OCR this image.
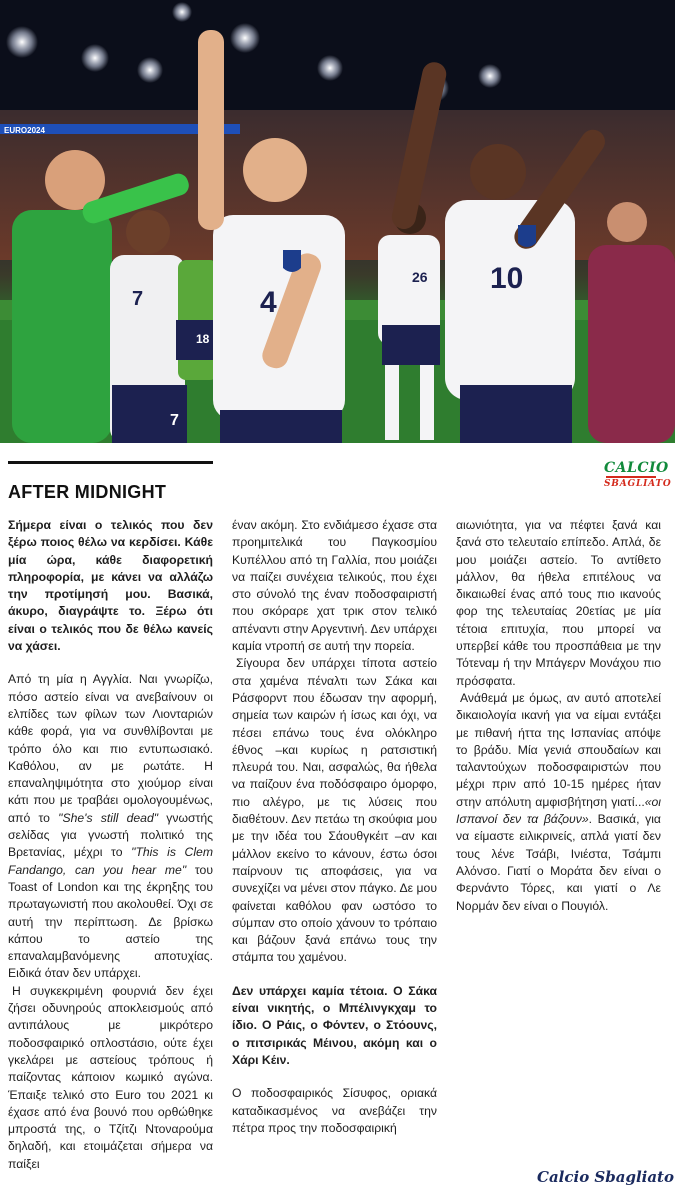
EURO2024
7
7
18
4
26 10
AFTER MIDNIGHT
CALCIO
SBAGLIATO

Σήμερα είναι ο τελικός που δεν ξέρω ποιος θέλω να κερδίσει. Κάθε μία ώρα, κάθε διαφορετική πληροφορία, με κάνει να αλλάζω την προτίμησή μου. Βασικά, άκυρο, διαγράψτε το. Ξέρω ότι είναι ο τελικός που δε θέλω κανείς να χάσει.

Από τη μία η Αγγλία. Ναι γνωρίζω, πόσο αστείο είναι να ανεβαίνουν οι ελπίδες των φίλων των Λιονταριών κάθε φορά, για να συνθλίβονται με τρόπο όλο και πιο εντυπωσιακό. Καθόλου, αν με ρωτάτε. Η επαναληψιμότητα στο χιούμορ είναι κάτι που με τραβάει ομολογουμένως, από το "She's still dead" γνωστής σελίδας για γνωστή πολιτικό της Βρετανίας, μέχρι το "This is Clem Fandango, can you hear me" του Toast of London και της έκρηξης του πρωταγωνιστή που ακολουθεί. Όχι σε αυτή την περίπτωση. Δε βρίσκω κάπου το αστείο της επαναλαμβανόμενης αποτυχίας. Ειδικά όταν δεν υπάρχει.
Η συγκεκριμένη φουρνιά δεν έχει ζήσει οδυνηρούς αποκλεισμούς από αντιπάλους με μικρότερο ποδοσφαιρικό οπλοστάσιο, ούτε έχει γκελάρει με αστείους τρόπους ή παίζοντας κάποιον κωμικό αγώνα. Έπαιξε τελικό στο Euro του 2021 κι έχασε από ένα βουνό που ορθώθηκε μπροστά της, ο Τζίτζι Ντοναρούμα δηλαδή, και ετοιμάζεται σήμερα να παίξει

έναν ακόμη. Στο ενδιάμεσο έχασε στα προημιτελικά του Παγκοσμίου Κυπέλλου από τη Γαλλία, που μοιάζει να παίζει συνέχεια τελικούς, που έχει στο σύνολό της έναν ποδοσφαιριστή που σκόραρε χατ τρικ στον τελικό απέναντι στην Αργεντινή. Δεν υπάρχει καμία ντροπή σε αυτή την πορεία.
Σίγουρα δεν υπάρχει τίποτα αστείο στα χαμένα πέναλτι των Σάκα και Ράσφορντ που έδωσαν την αφορμή, σημεία των καιρών ή ίσως και όχι, να πέσει επάνω τους ένα ολόκληρο έθνος –και κυρίως η ρατσιστική πλευρά του. Ναι, ασφαλώς, θα ήθελα να παίζουν ένα ποδόσφαιρο όμορφο, πιο αλέγρο, με τις λύσεις που διαθέτουν. Δεν πετάω τη σκούφια μου με την ιδέα του Σάουθγκέιτ –αν και μάλλον εκείνο το κάνουν, έστω όσοι παίρνουν τις αποφάσεις, για να συνεχίζει να μένει στον πάγκο. Δε μου φαίνεται καθόλου φαν ωστόσο το σύμπαν στο οποίο χάνουν το τρόπαιο και βάζουν ξανά επάνω τους την στάμπα του χαμένου.

Δεν υπάρχει καμία τέτοια. Ο Σάκα είναι νικητής, ο Μπέλινγκχαμ το ίδιο. Ο Ράις, ο Φόντεν, ο Στόουνς, ο πιτσιρικάς Μέινου, ακόμη και ο Χάρι Κέιν.

Ο ποδοσφαιρικός Σίσυφος, οριακά καταδικασμένος να ανεβάζει την πέτρα προς την ποδοσφαιρική

αιωνιότητα, για να πέφτει ξανά και ξανά στο τελευταίο επίπεδο. Απλά, δε μου μοιάζει αστείο. Το αντίθετο μάλλον, θα ήθελα επιτέλους να δικαιωθεί ένας από τους πιο ικανούς φορ της τελευταίας 20ετίας με μία τέτοια επιτυχία, που μπορεί να υπερβεί κάθε του προσπάθεια με την Τότεναμ ή την Μπάγερν Μονάχου πιο πρόσφατα.
Ανάθεμά με όμως, αν αυτό αποτελεί δικαιολογία ικανή για να είμαι εντάξει με πιθανή ήττα της Ισπανίας απόψε το βράδυ. Μία γενιά σπουδαίων και ταλαντούχων ποδοσφαιριστών που μέχρι πριν από 10-15 ημέρες ήταν στην απόλυτη αμφισβήτηση γιατί...«οι Ισπανοί δεν τα βάζουν». Βασικά, για να είμαστε ειλικρινείς, απλά γιατί δεν τους λένε Τσάβι, Ινιέστα, Τσάμπι Αλόνσο. Γιατί ο Μοράτα δεν είναι ο Φερνάντο Τόρες, και γιατί ο Λε Νορμάν δεν είναι ο Πουγιόλ.

Calcio Sbagliato
